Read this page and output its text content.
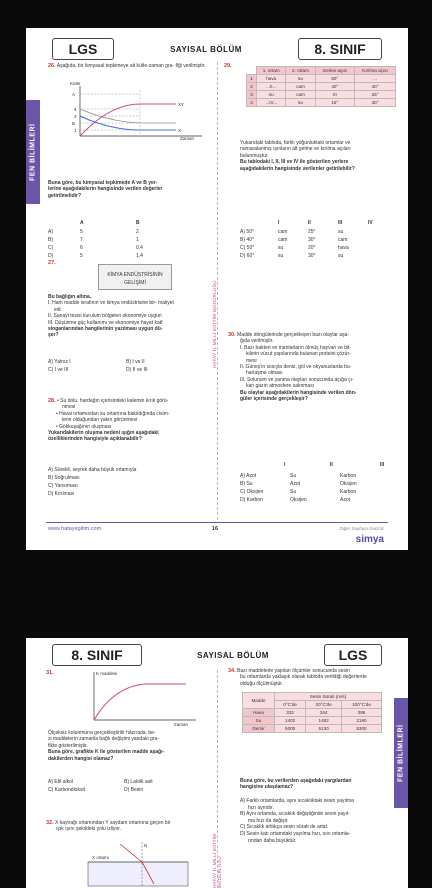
LGS	SAYISAL BÖLÜM	8. SINIF
FEN BİLİMLERİ
HATAY İL MİLLİ EĞİTİM MÜDÜRLÜĞÜ
26. Aşağıda, bir kimyasal tepkimeye ait kütle-zaman gra- fiği verilmiştir.
Kütle
Zaman
XY
X
A
4
3
B
1
Buna göre, bu kimyasal tepkimede A ve B yer-
lerine aşağıdakilerin hangisinde verilen değerler
getirilmelidir?
A	B
A)	5	2
B)	7	1
C)	6	0,4
D)	5	1,4
27.
KİMYA ENDÜSTRİSİNİN
GELİŞİMİ
Bu bağlığın altına,
I. Ham madde israfının ve kimya endüstrisine bir- maliyet
edi
II. Sanayi tesisi kurulum bölgeleri ekonomiye uygun
III. Düşünme güç kullanımı ve ekonomiye hayat katf
sloganlarından hangilerinin yazılması uygun dü-
şer?
A) Yalnız I	B) I ve II
C) I ve III	D) II ve III
28. • Su dolu, hardağın içerisindeki kalemin kırık görü-
nmesi
• Havai ortamından su ortamına bakıldığında cisim-
lerin olduğundan yakın görünmesi
• Gökkuşağının oluşması
Yukarıdakilerin oluşma nedeni ışığın aşağıdaki
özelliklerinden hangisiyle açıklanabilir?
A) Sürekli, seyrek daha büyük ortamıyla
B) Soğrulması
C) Yansıması
D) Kırılması
29.
	1. ortam	2. ortam	Gelme açısı	Kırılma açısı
1	hava	su	50°	...
2	...II...	cam	40°	40°
3	su	cam	III	25°
4	...IV...	su	15°	30°
Yukarıdaki tabloda, farklı yoğunluktaki ortamlar ve
numaralanmış ışınların alt gelme ve kırılma açıları
bulunmuştur.
Bu tablodaki I, II, III ve IV ile gösterilen yerlere
aşağıdakilerin hangisinde verilenler getirilebilir?
I	II	III	IV
A) 50°	cam	25°	su
B) 40°	cam	30°	cam
C) 50°	su	20°	hava
D) 60°	su	30°	su
30. Madde döngülerinde gerçekleşen bazı olaylar aşa-
ğıda verilmiştir.
I. Bazı bakteri ve mantarların ölmüş hayvan ve bit-
kilerin vücut yapılarında bulunan proteini çözür-
mesi
II. Güneş'in ısısıyla deniz, göl ve okyanuslarda bu-
harlaşma olması
III. Solunum ve yanma olayları sonucunda açığa çı-
kan gazın atmosfere salınması
Bu olaylar aşağıdakilerin hangisinde verilen dön-
güler içerisinde gerçekleşir?
I	II	III
A) Azot	Su	Karbon
B) Su	Azot	Oksijen
C) Oksijen	Su	Karbon
D) Karbon	Oksijen	Azot
www.hatayegitim.com	16	Diğer Sayfaya Geçiniz
simya
8. SINIF	SAYISAL BÖLÜM	LGS
FEN BİLİMLERİ
HATAY İL MİLLİ EĞİTİM MÜDÜRLÜĞÜ
31.	K maddesi
Zaman
Ölçeksiz kolunmuna gerçekleştirilir hâzırada, be-
zi maddelerin zamanla bağlı değişimi yandaki gra-
fikte gösterilmiştir.
Buna göre, grafikte K ile gösterilen madde aşağı-
dakilerden hangisi olamaz?
A) Etil alkol	B) Laktik asit
C) Karbondioksit	D) Besin
32. X kaynağı ortamından Y saydam ortamına geçen bir
ışık ışını şekildeki yolu izliyor.
N
X ortamı
34. Bazı maddelerle yapılan ölçümler sonucunda sesin
bu ortamlarda yaklaşık olarak tabloda verildiği değerlerde
olduğu ölçülmüştür.
Madde	Sesin Sürati (m/s)		
	0°C'de	20°C'de	100°C'de
Hava	332	344	386
Su	1402	1482	2180
Demir	5000	5130	5300
Buna göre, bu verilerden aşağıdaki yargılardan
hangisine ulaşılamaz?
A) Farklı ortamlarda, aynı sıcaklıktaki sesin yayılma
hızı aynıdır.
B) Aynı ortamda, sıcaklık değiştiğinde sesin yayıl-
ma hızı da değişir.
C) Sıcaklık arttıkça sesin sürati de artar.
D) Sesin katı ortamdaki yayılma hızı, sıvı ortamla-
rından daha büyüktür.
